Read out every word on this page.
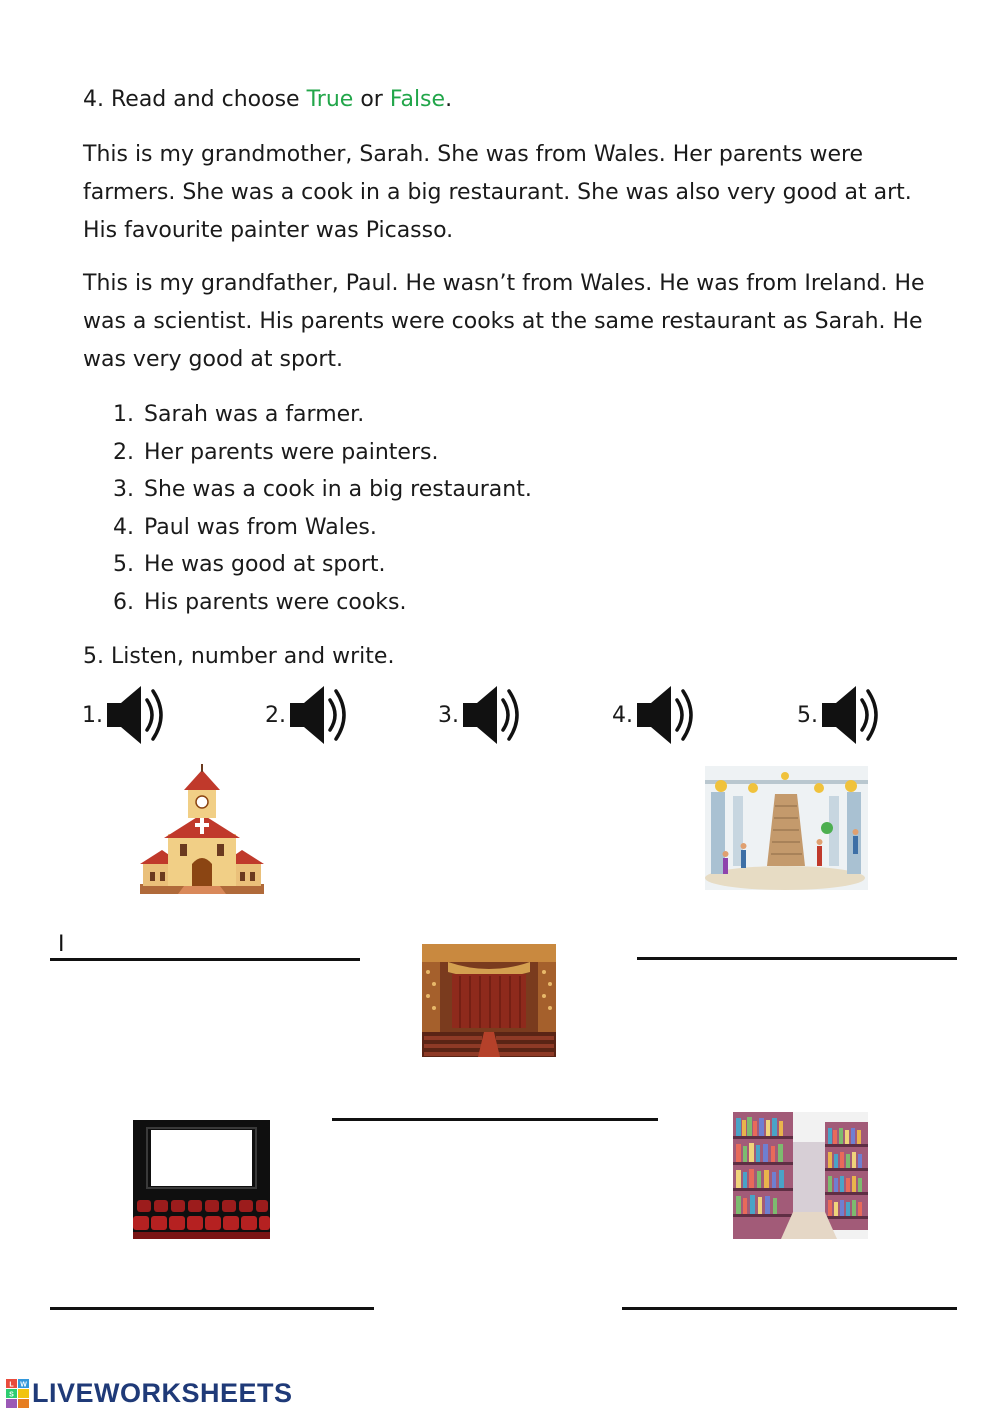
4. Read and choose True or False.
This is my grandmother, Sarah. She was from Wales. Her parents were
farmers. She was a cook in a big restaurant. She was also very good at art.
His favourite painter was Picasso.
This is my grandfather, Paul. He wasn’t from Wales. He was from Ireland. He
was a scientist. His parents were cooks at the same restaurant as Sarah. He
was very good at sport.
1. Sarah was a farmer.
2. Her parents were painters.
3. She was a cook in a big restaurant.
4. Paul was from Wales.
5. He was good at sport.
6. His parents were cooks.
5. Listen, number and write.
1.	2.	3.	4.	5.
I
L W
S LIVEWORKSHEETS
